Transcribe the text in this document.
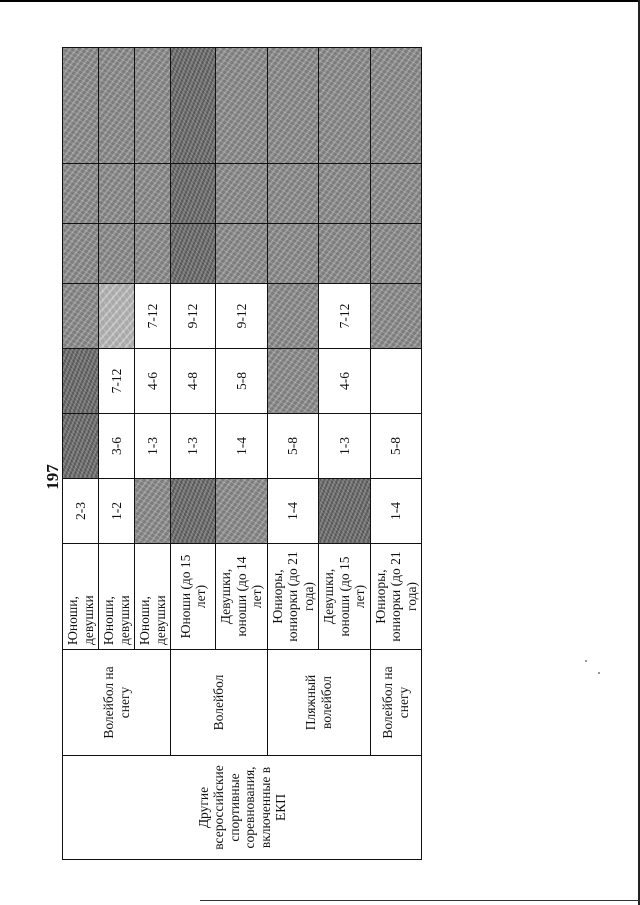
197
Другие всероссийские спортивные соревнования, включенные в ЕКП	Волейбол на снегу	Юноши, девушки	2-3						
		Юноши, девушки	1-2	3-6	7-12				
		Юноши, девушки		1-3	4-6	7-12			
	Волейбол	Юноши (до 15 лет)		1-3	4-8	9-12			
		Девушки, юноши (до 14 лет)		1-4	5-8	9-12			
	Пляжный волейбол	Юниоры, юниорки (до 21 года)	1-4	5-8					
		Девушки, юноши (до 15 лет)		1-3	4-6	7-12			
	Волейбол на снегу	Юниоры, юниорки (до 21 года)	1-4	5-8					
